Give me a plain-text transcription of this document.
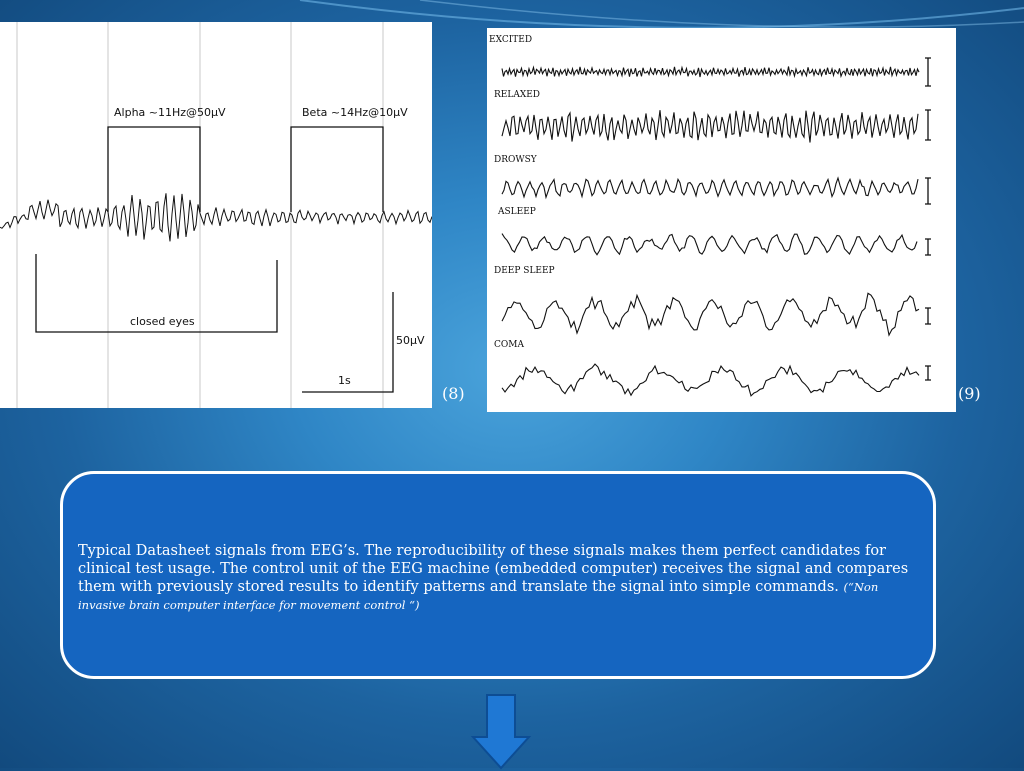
Alpha ~11Hz@50µV	Beta ~14Hz@10µV
closed eyes
50µV
1s
(8)
EXCITED
RELAXED
DROWSY
ASLEEP
DEEP SLEEP
COMA
(9)

Typical Datasheet signals from EEG’s. The reproducibility of these signals makes them perfect candidates for clinical test usage. The control unit of the EEG machine (embedded computer) receives the signal and compares them with previously stored results to identify patterns and translate the signal into simple commands. (“Non invasive brain computer interface for movement control “)
